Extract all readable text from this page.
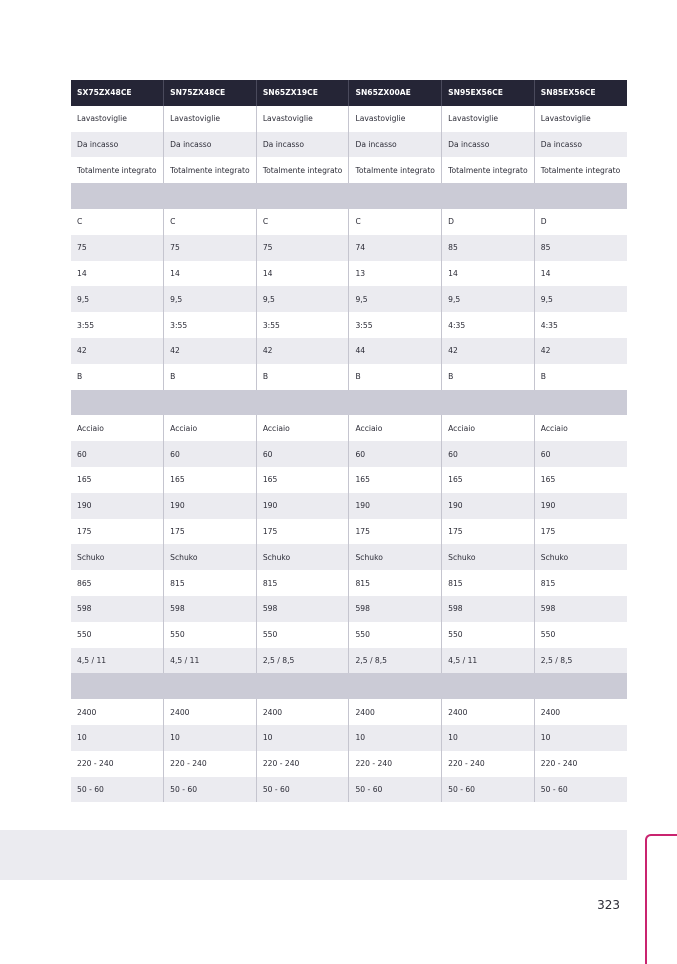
SX75ZX48CE	SN75ZX48CE	SN65ZX19CE	SN65ZX00AE	SN95EX56CE	SN85EX56CE
Lavastoviglie	Lavastoviglie	Lavastoviglie	Lavastoviglie	Lavastoviglie	Lavastoviglie
Da incasso	Da incasso	Da incasso	Da incasso	Da incasso	Da incasso
Totalmente integrato	Totalmente integrato	Totalmente integrato	Totalmente integrato	Totalmente integrato	Totalmente integrato

C	C	C	C	D	D
75	75	75	74	85	85
14	14	14	13	14	14
9,5	9,5	9,5	9,5	9,5	9,5
3:55	3:55	3:55	3:55	4:35	4:35
42	42	42	44	42	42
B	B	B	B	B	B

Acciaio	Acciaio	Acciaio	Acciaio	Acciaio	Acciaio
60	60	60	60	60	60
165	165	165	165	165	165
190	190	190	190	190	190
175	175	175	175	175	175
Schuko	Schuko	Schuko	Schuko	Schuko	Schuko
865	815	815	815	815	815
598	598	598	598	598	598
550	550	550	550	550	550
4,5 / 11	4,5 / 11	2,5 / 8,5	2,5 / 8,5	4,5 / 11	2,5 / 8,5

2400	2400	2400	2400	2400	2400
10	10	10	10	10	10
220 - 240	220 - 240	220 - 240	220 - 240	220 - 240	220 - 240
50 - 60	50 - 60	50 - 60	50 - 60	50 - 60	50 - 60
323
